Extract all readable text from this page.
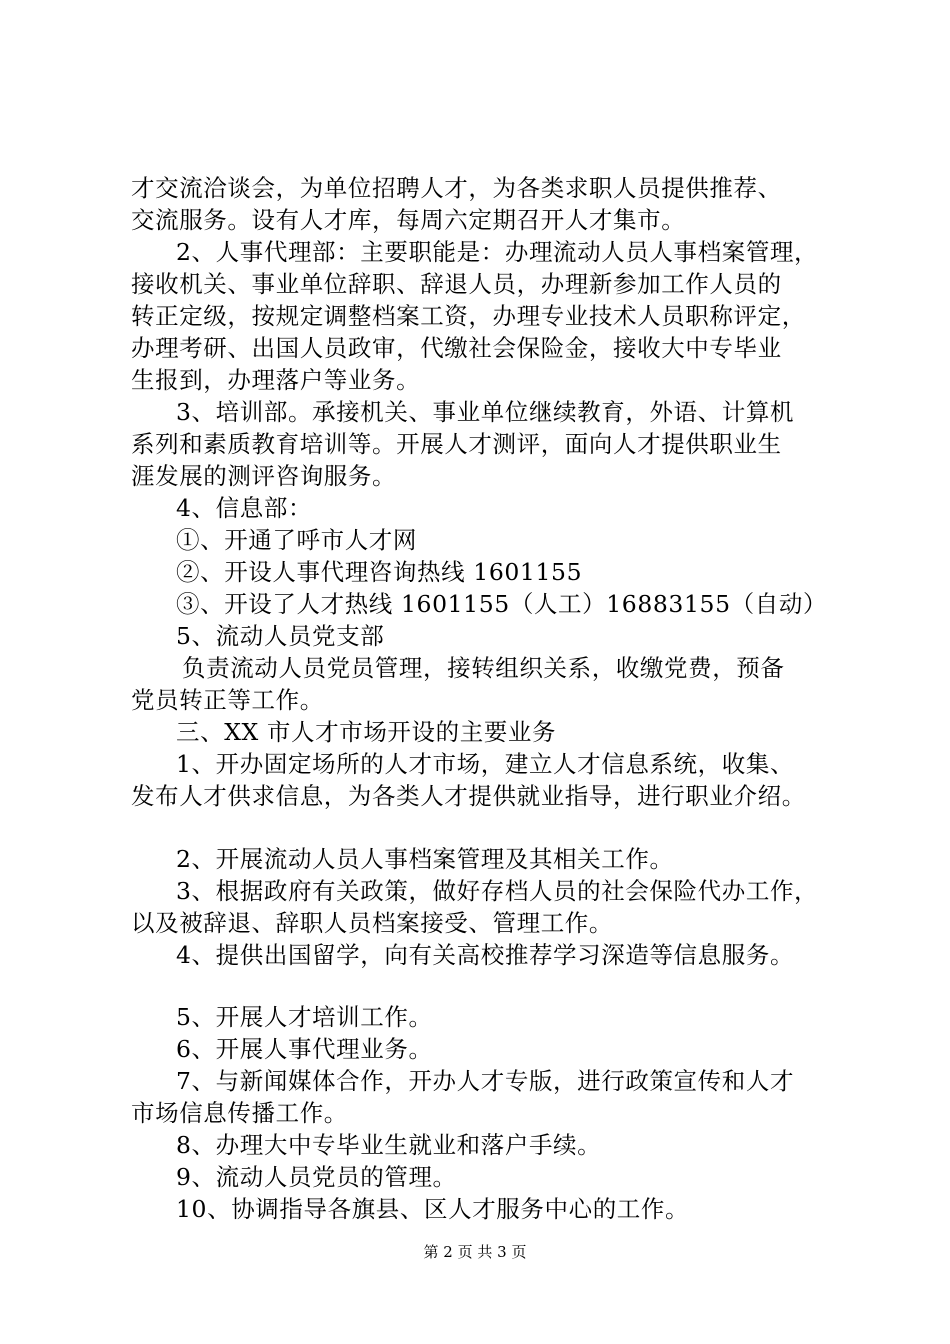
才交流洽谈会，为单位招聘人才，为各类求职人员提供推荐、
交流服务。设有人才库，每周六定期召开人才集市。
2、人事代理部：主要职能是：办理流动人员人事档案管理，
接收机关、事业单位辞职、辞退人员，办理新参加工作人员的
转正定级，按规定调整档案工资，办理专业技术人员职称评定，
办理考研、出国人员政审，代缴社会保险金，接收大中专毕业
生报到，办理落户等业务。
3、培训部。承接机关、事业单位继续教育，外语、计算机
系列和素质教育培训等。开展人才测评，面向人才提供职业生
涯发展的测评咨询服务。
4、信息部：
①、开通了呼市人才网
②、开设人事代理咨询热线 1601155
③、开设了人才热线 1601155（人工）16883155（自动）
5、流动人员党支部
负责流动人员党员管理，接转组织关系，收缴党费，预备
党员转正等工作。
三、XX 市人才市场开设的主要业务
1、开办固定场所的人才市场，建立人才信息系统，收集、
发布人才供求信息，为各类人才提供就业指导，进行职业介绍。
2、开展流动人员人事档案管理及其相关工作。
3、根据政府有关政策，做好存档人员的社会保险代办工作，
以及被辞退、辞职人员档案接受、管理工作。
4、提供出国留学，向有关高校推荐学习深造等信息服务。
5、开展人才培训工作。
6、开展人事代理业务。
7、与新闻媒体合作，开办人才专版，进行政策宣传和人才
市场信息传播工作。
8、办理大中专毕业生就业和落户手续。
9、流动人员党员的管理。
10、协调指导各旗县、区人才服务中心的工作。
第 2 页 共 3 页
